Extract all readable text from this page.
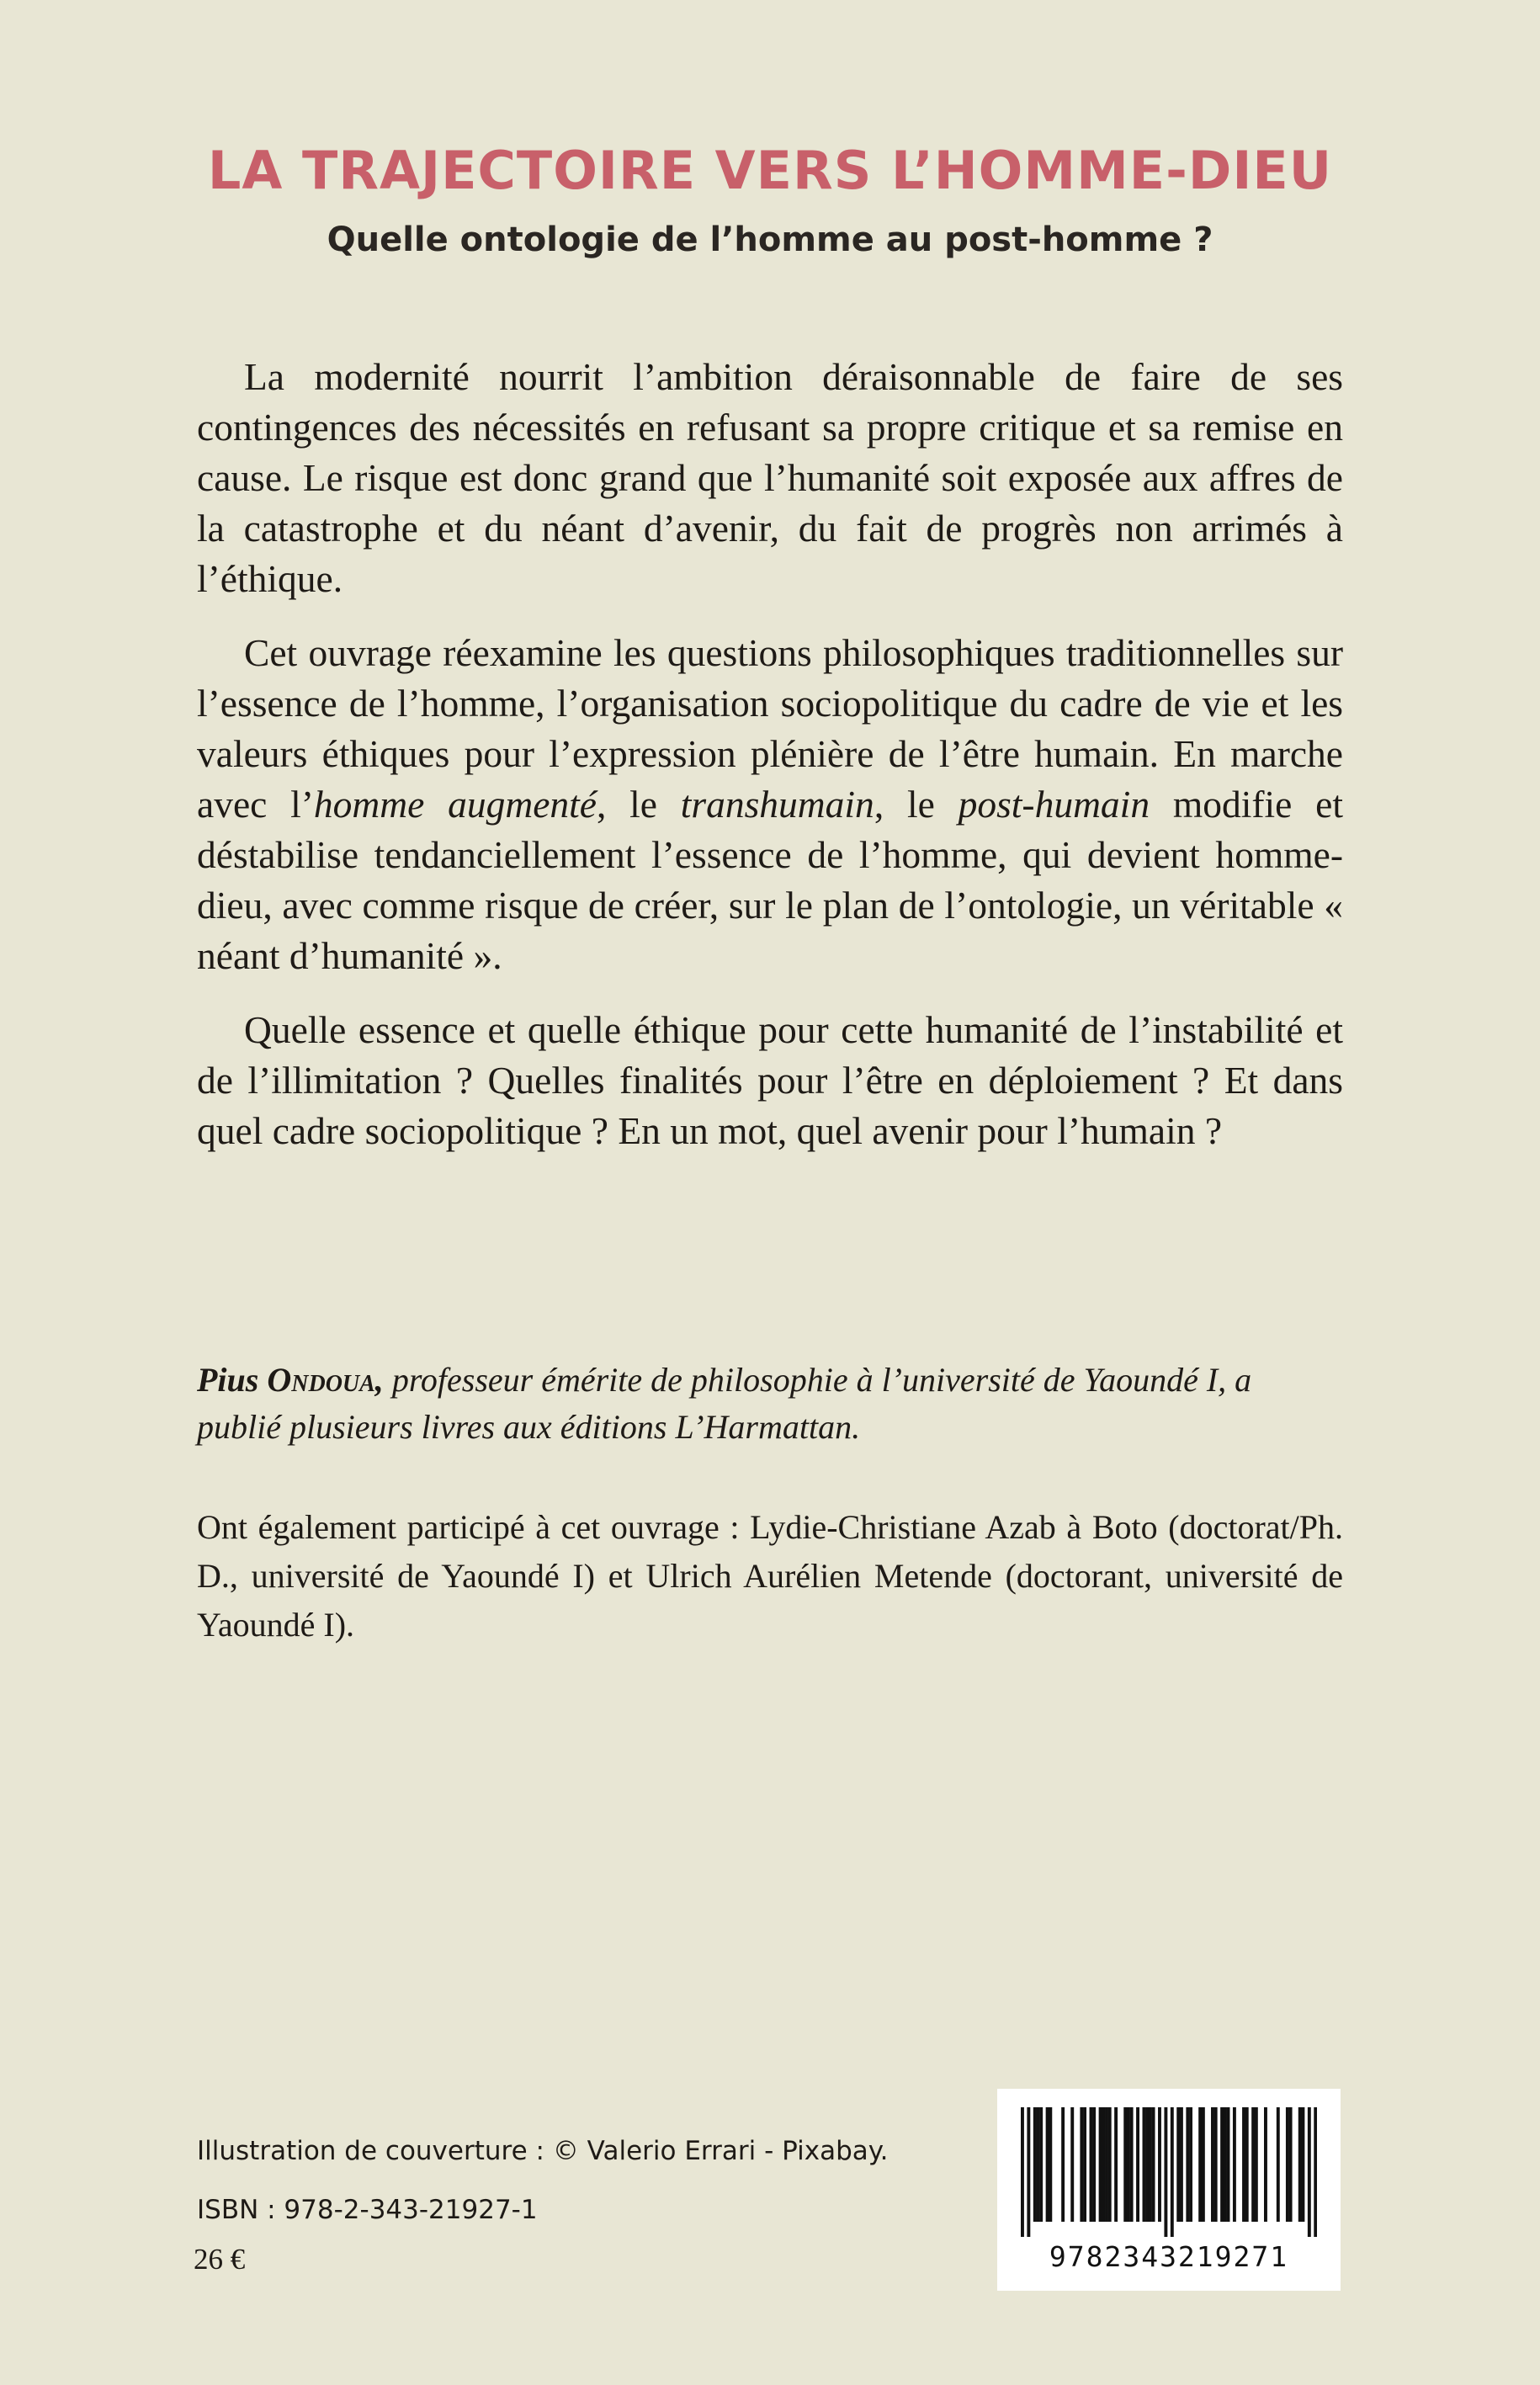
LA TRAJECTOIRE VERS L’HOMME-DIEU
Quelle ontologie de l’homme au post-homme ?

La modernité nourrit l’ambition déraisonnable de faire de ses contingences des nécessités en refusant sa propre critique et sa remise en cause. Le risque est donc grand que l’humanité soit exposée aux affres de la catastrophe et du néant d’avenir, du fait de progrès non arrimés à l’éthique.

Cet ouvrage réexamine les questions philosophiques traditionnelles sur l’essence de l’homme, l’organisation sociopolitique du cadre de vie et les valeurs éthiques pour l’expression plénière de l’être humain. En marche avec l’homme augmenté, le transhumain, le post-humain modifie et déstabilise tendanciellement l’essence de l’homme, qui devient homme-dieu, avec comme risque de créer, sur le plan de l’ontologie, un véritable « néant d’humanité ».

Quelle essence et quelle éthique pour cette humanité de l’instabilité et de l’illimitation ? Quelles finalités pour l’être en déploiement ? Et dans quel cadre sociopolitique ? En un mot, quel avenir pour l’humain ?

Pius Ondoua, professeur émérite de philosophie à l’université de Yaoundé I, a publié plusieurs livres aux éditions L’Harmattan.

Ont également participé à cet ouvrage : Lydie-Christiane Azab à Boto (doctorat/Ph. D., université de Yaoundé I) et Ulrich Aurélien Metende (doctorant, université de Yaoundé I).

Illustration de couverture : © Valerio Errari - Pixabay.

ISBN : 978-2-343-21927-1

26 €	9782343219271
